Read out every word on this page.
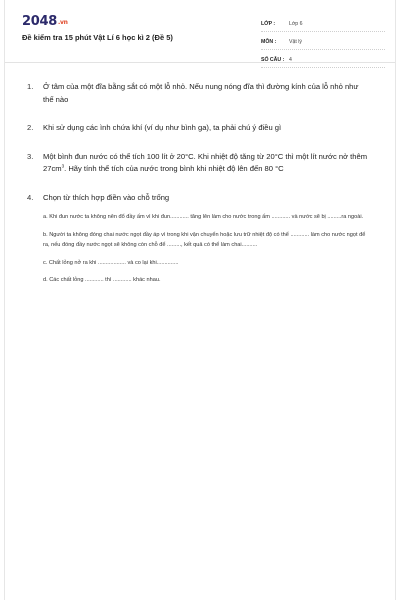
2048.vn
Đề kiểm tra 15 phút Vật Lí 6 học kì 2 (Đề 5)
LỚP :	Lớp 6
MÔN :	Vật lý
SỐ CÂU : 4
1.	Ở tâm của một đĩa bằng sắt có một lỗ nhỏ. Nếu nung nóng đĩa thì đường kính của lỗ nhỏ như thế nào
2.	Khi sử dụng các ình chứa khí (ví dụ như bình ga), ta phải chú ý điều gì
3.	Một bình đun nước có thể tích 100 lít ở 20°C. Khi nhiệt độ tăng từ 20°C thì một lít nước nở thêm $27cm^3$. Hãy tính thể tích của nước trong bình khi nhiệt độ lên đến 80 °C
4.	Chọn từ thích hợp điền vào chỗ trống
a. Khi đun nước ta không nên đổ đầy ấm vì khi đun............ tăng lên làm cho nước trong ấm ............ và nước sẽ bị .........ra ngoài.
b. Người ta không đóng chai nước ngọt đầy áp vì trong khi vận chuyển hoặc lưu trữ nhiệt độ có thể ............ làm cho nước ngọt để ra, nếu đóng đầy nước ngọt sẽ không còn chỗ để ........., kết quả có thể làm chai..........
c. Chất lỏng nở ra khi .................. và co lại khi..............
d. Các chất lỏng ............ thì ............ khác nhau.
